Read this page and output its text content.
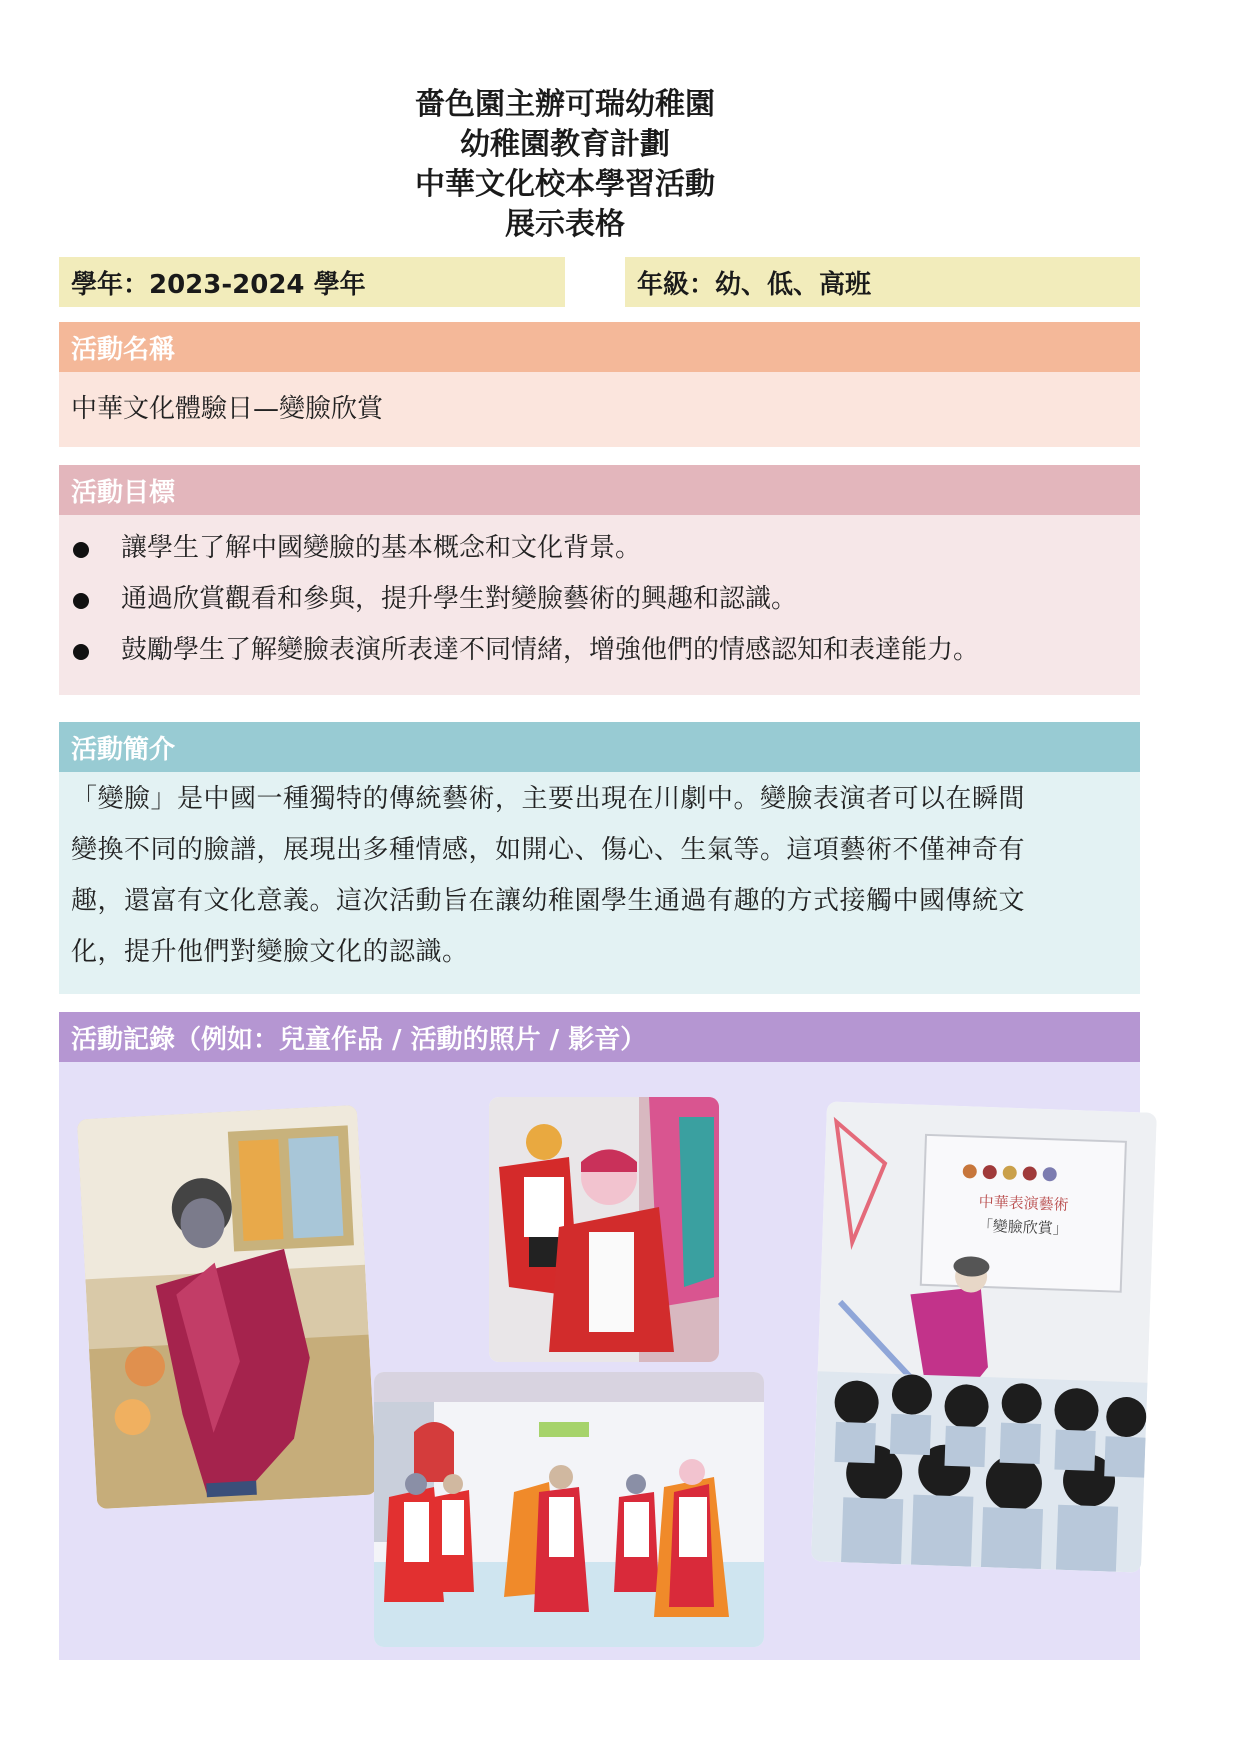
嗇色園主辦可瑞幼稚園
幼稚園教育計劃
中華文化校本學習活動
展示表格
學年：2023-2024 學年	年級：幼、低、高班
活動名稱
中華文化體驗日—變臉欣賞
活動目標
讓學生了解中國變臉的基本概念和文化背景。
通過欣賞觀看和參與，提升學生對變臉藝術的興趣和認識。
鼓勵學生了解變臉表演所表達不同情緒，增強他們的情感認知和表達能力。
活動簡介
「變臉」是中國一種獨特的傳統藝術，主要出現在川劇中。變臉表演者可以在瞬間
變換不同的臉譜，展現出多種情感，如開心、傷心、生氣等。這項藝術不僅神奇有
趣，還富有文化意義。這次活動旨在讓幼稚園學生通過有趣的方式接觸中國傳統文
化，提升他們對變臉文化的認識。
活動記錄（例如：兒童作品 / 活動的照片 / 影音）
中華表演藝術
「變臉欣賞」
